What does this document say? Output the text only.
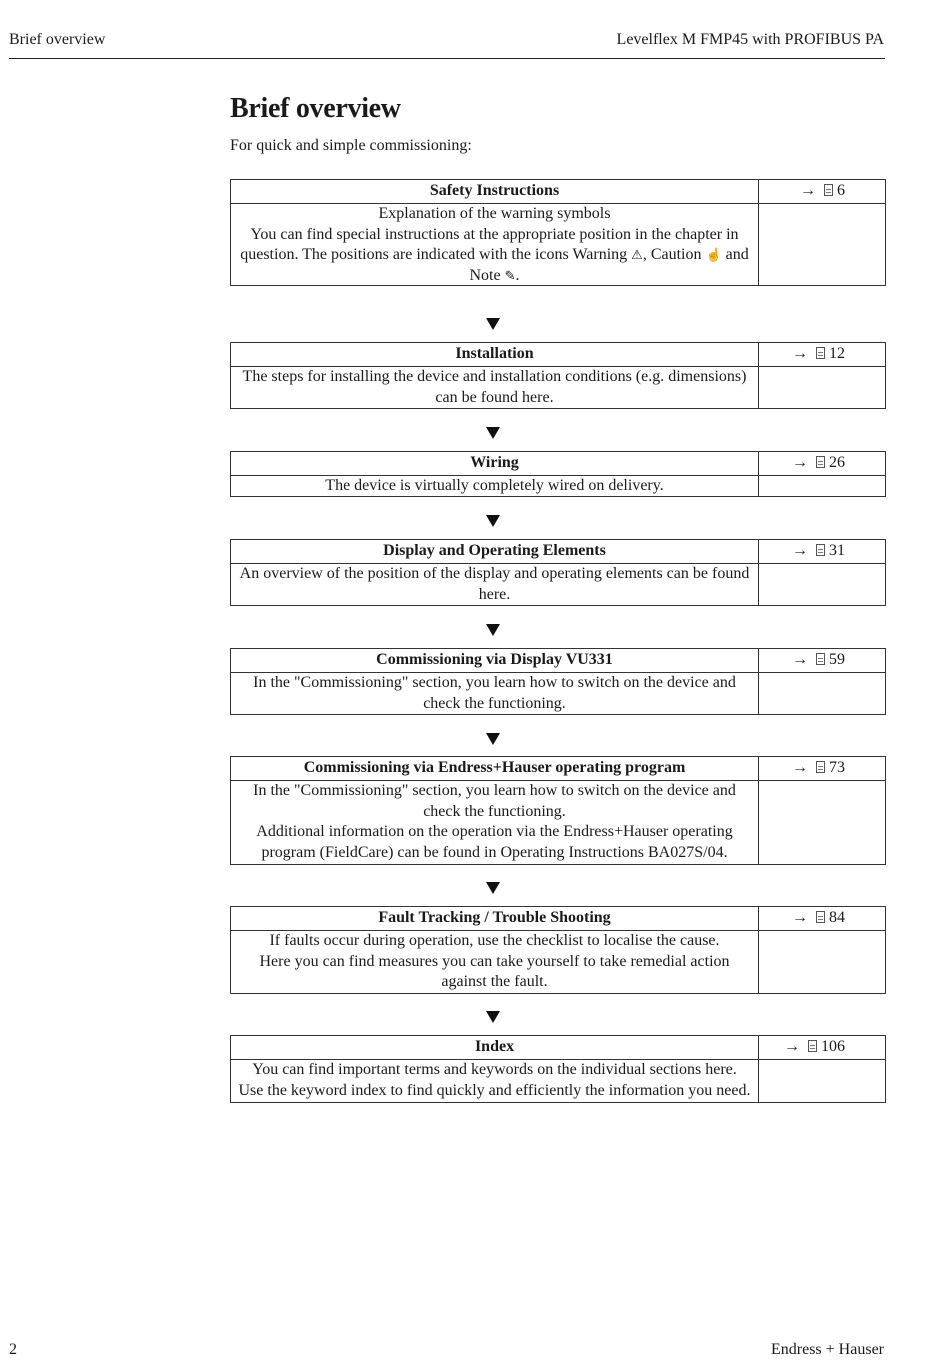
Brief overview	Levelflex M FMP45 with PROFIBUS PA
Brief overview
For quick and simple commissioning:
Safety Instructions	→ 6
Explanation of the warning symbols
You can find special instructions at the appropriate position in the chapter in question. The positions are indicated with the icons Warning ⚠, Caution ☝ and Note ✎.
Installation	→ 12
The steps for installing the device and installation conditions (e.g. dimensions) can be found here.
Wiring	→ 26
The device is virtually completely wired on delivery.
Display and Operating Elements	→ 31
An overview of the position of the display and operating elements can be found here.
Commissioning via Display VU331	→ 59
In the "Commissioning" section, you learn how to switch on the device and check the functioning.
Commissioning via Endress+Hauser operating program	→ 73
In the "Commissioning" section, you learn how to switch on the device and check the functioning.
Additional information on the operation via the Endress+Hauser operating program (FieldCare) can be found in Operating Instructions BA027S/04.
Fault Tracking / Trouble Shooting	→ 84
If faults occur during operation, use the checklist to localise the cause.
Here you can find measures you can take yourself to take remedial action against the fault.
Index	→ 106
You can find important terms and keywords on the individual sections here.
Use the keyword index to find quickly and efficiently the information you need.
2	Endress + Hauser
